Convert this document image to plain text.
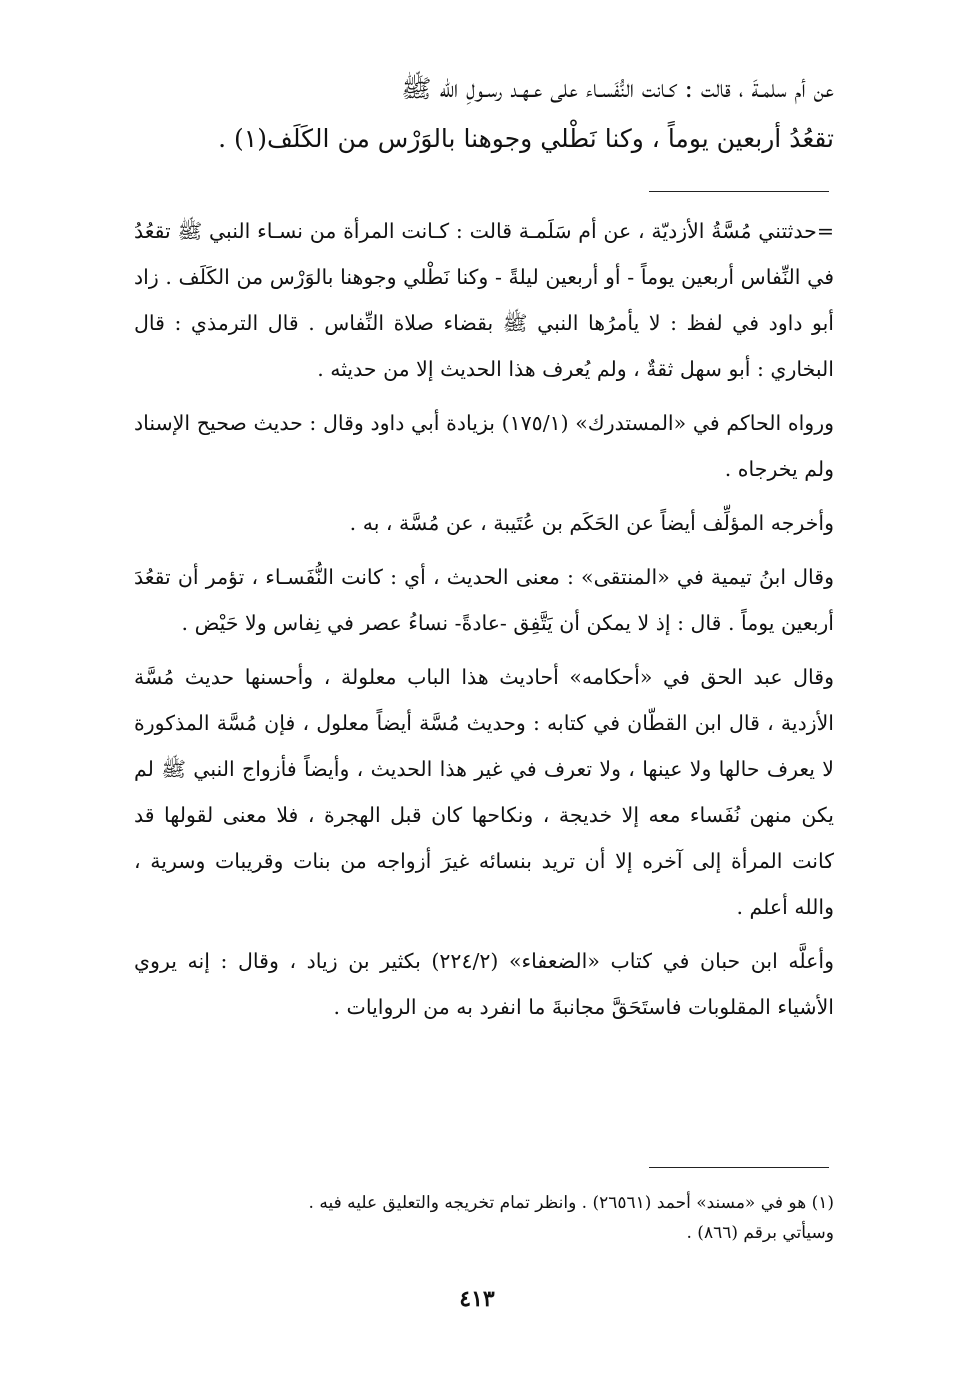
عن أم سلمـةَ ، قالت : كـانت النُّفَسـاء على عـهـد رسـولِ الله ﷺ

تقعُدُ أربعين يوماً ، وكنا نَطْلي وجوهنا بالوَرْس من الكَلَف(١) .

=حدثتني مُسَّةُ الأزديّة ، عن أم سَلَمـة قالت : كـانت المرأة من نسـاء النبي ﷺ تقعُدُ في النِّفاس أربعين يوماً - أو أربعين ليلةً - وكنا نَطْلي وجوهنا بالوَرْس من الكَلَف . زاد أبو داود في لفظ : لا يأمرُها النبي ﷺ بقضاء صلاة النِّفاس . قال الترمذي : قال البخاري : أبو سهل ثقةٌ ، ولم يُعرف هذا الحديث إلا من حديثه .

ورواه الحاكم في «المستدرك» (١٧٥/١) بزيادة أبي داود وقال : حديث صحيح الإسناد ولم يخرجاه .

وأخرجه المؤلِّف أيضاً عن الحَكَم بن عُتَيبة ، عن مُسَّة ، به .

وقال ابنُ تيمية في «المنتقى» : معنى الحديث ، أي : كانت النُّفَسـاء ، تؤمر أن تقعُدَ أربعين يوماً . قال : إذ لا يمكن أن يَتَّفِق -عادةً- نساءُ عصر في نِفاس ولا حَيْض .

وقال عبد الحق في «أحكامه» أحاديث هذا الباب معلولة ، وأحسنها حديث مُسَّة الأزدية ، قال ابن القطّان في كتابه : وحديث مُسَّة أيضاً معلول ، فإن مُسَّة المذكورة لا يعرف حالها ولا عينها ، ولا تعرف في غير هذا الحديث ، وأيضاً فأزواج النبي ﷺ لم يكن منهن نُفَساء معه إلا خديجة ، ونكاحها كان قبل الهجرة ، فلا معنى لقولها قد كانت المرأة إلى آخره إلا أن تريد بنسائه غيرَ أزواجه من بنات وقريبات وسرية ، والله أعلم .

وأعلَّه ابن حبان في كتاب «الضعفاء» (٢٢٤/٢) بكثير بن زياد ، وقال : إنه يروي الأشياء المقلوبات فاستَحَقَّ مجانبةَ ما انفرد به من الروايات .

(١) هو في «مسند» أحمد (٢٦٥٦١) . وانظر تمام تخريجه والتعليق عليه فيه .

وسيأتي برقم (٨٦٦) .

٤١٣
